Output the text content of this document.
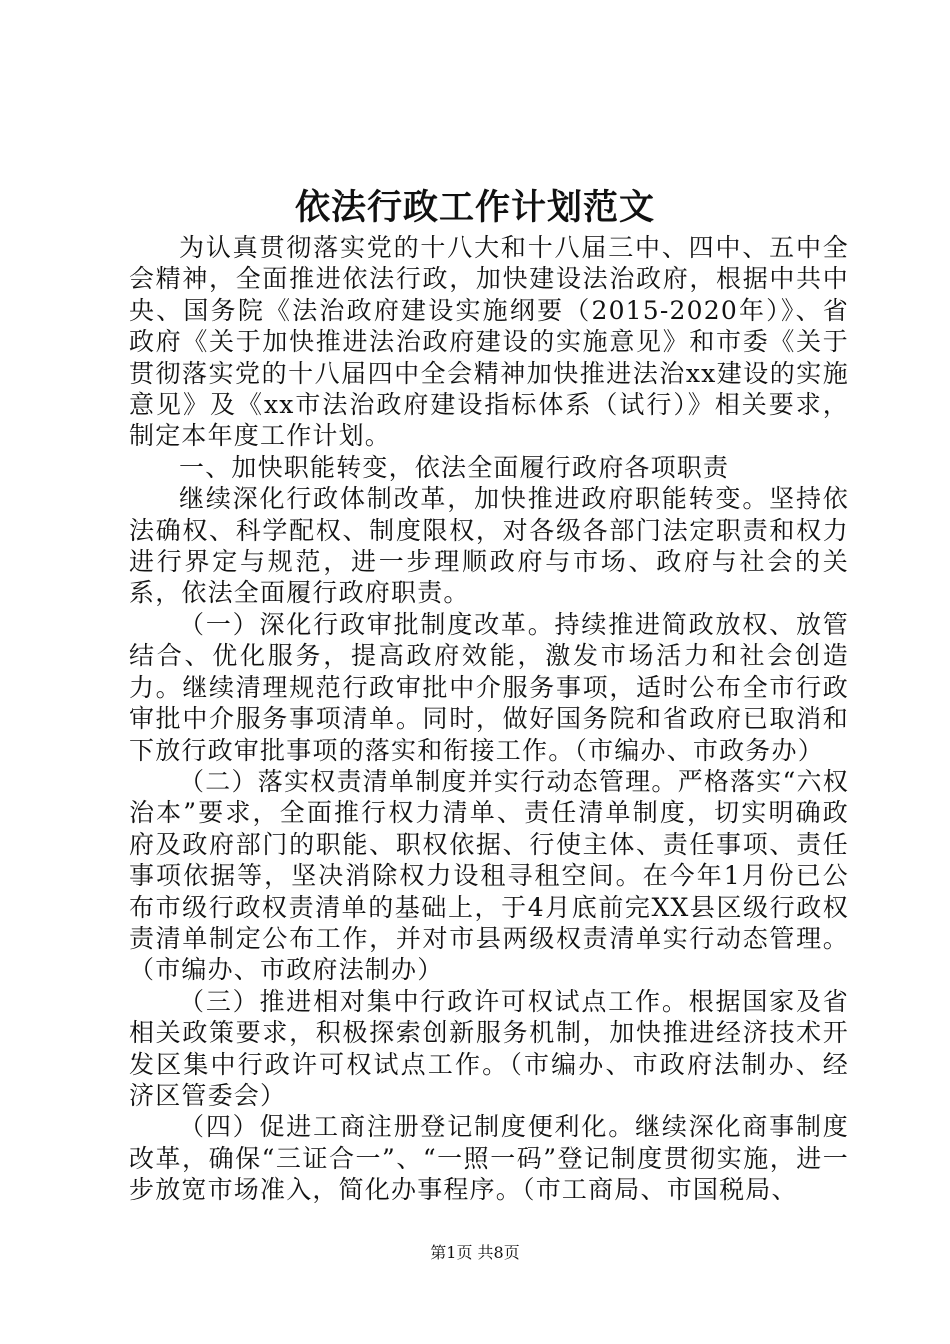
依法行政工作计划范文

为认真贯彻落实党的十八大和十八届三中、四中、五中全会精神，全面推进依法行政，加快建设法治政府，根据中共中央、国务院《法治政府建设实施纲要（2015-2020年）》、省政府《关于加快推进法治政府建设的实施意见》和市委《关于贯彻落实党的十八届四中全会精神加快推进法治xx建设的实施意见》及《xx市法治政府建设指标体系（试行）》相关要求，制定本年度工作计划。

一、加快职能转变，依法全面履行政府各项职责

继续深化行政体制改革，加快推进政府职能转变。坚持依法确权、科学配权、制度限权，对各级各部门法定职责和权力进行界定与规范，进一步理顺政府与市场、政府与社会的关系，依法全面履行政府职责。

（一）深化行政审批制度改革。持续推进简政放权、放管结合、优化服务，提高政府效能，激发市场活力和社会创造力。继续清理规范行政审批中介服务事项，适时公布全市行政审批中介服务事项清单。同时，做好国务院和省政府已取消和下放行政审批事项的落实和衔接工作。（市编办、市政务办）

（二）落实权责清单制度并实行动态管理。严格落实“六权治本”要求，全面推行权力清单、责任清单制度，切实明确政府及政府部门的职能、职权依据、行使主体、责任事项、责任事项依据等，坚决消除权力设租寻租空间。在今年1月份已公布市级行政权责清单的基础上，于4月底前完XX县区级行政权责清单制定公布工作，并对市县两级权责清单实行动态管理。（市编办、市政府法制办）

（三）推进相对集中行政许可权试点工作。根据国家及省相关政策要求，积极探索创新服务机制，加快推进经济技术开发区集中行政许可权试点工作。（市编办、市政府法制办、经济区管委会）

（四）促进工商注册登记制度便利化。继续深化商事制度改革，确保“三证合一”、“一照一码”登记制度贯彻实施，进一步放宽市场准入，简化办事程序。（市工商局、市国税局、

第1页 共8页
